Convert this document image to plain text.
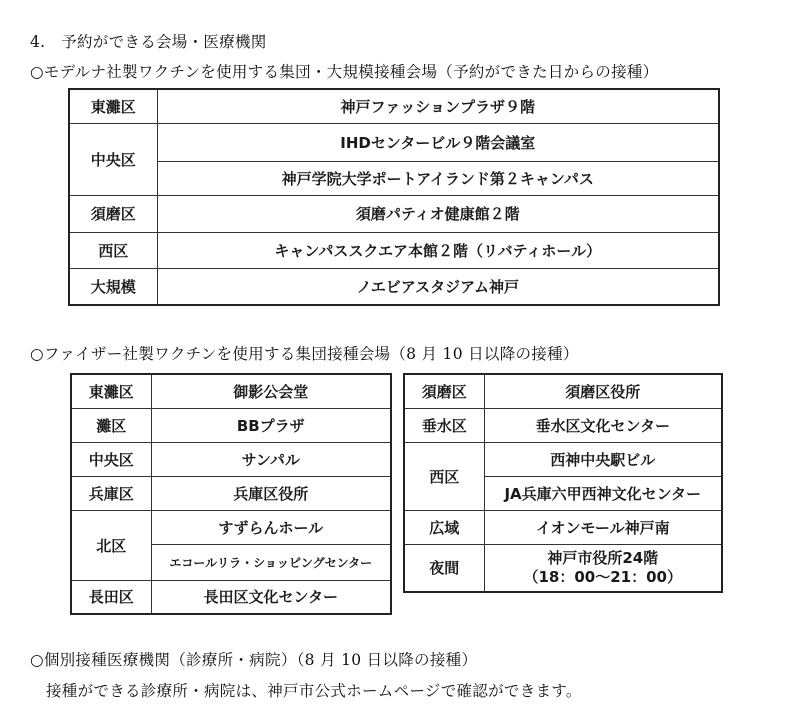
4.　予約ができる会場・医療機関
○モデルナ社製ワクチンを使用する集団・大規模接種会場（予約ができた日からの接種）
東灘区	神戸ファッションプラザ９階
中央区	IHDセンタービル９階会議室
	神戸学院大学ポートアイランド第２キャンパス
須磨区	須磨パティオ健康館２階
西区	キャンパススクエア本館２階（リバティホール）
大規模	ノエビアスタジアム神戸
○ファイザー社製ワクチンを使用する集団接種会場（8 月 10 日以降の接種）
東灘区	御影公会堂
灘区	BBプラザ
中央区	サンパル
兵庫区	兵庫区役所
北区	すずらんホール
	エコールリラ・ショッピングセンター
長田区	長田区文化センター
須磨区	須磨区役所
垂水区	垂水区文化センター
西区	西神中央駅ビル
	JA兵庫六甲西神文化センター
広域	イオンモール神戸南
夜間	神戸市役所24階
（18：00～21：00）
○個別接種医療機関（診療所・病院）（8 月 10 日以降の接種）
接種ができる診療所・病院は、神戸市公式ホームページで確認ができます。
